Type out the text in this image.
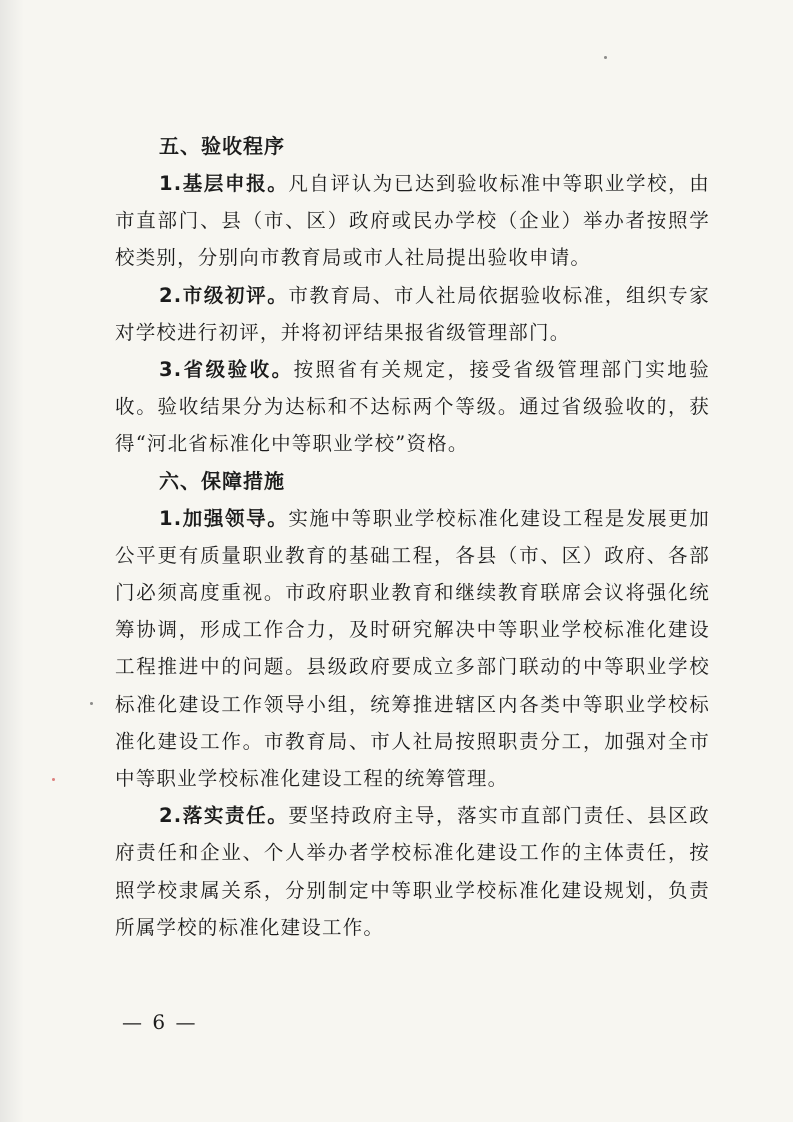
五、验收程序

1.基层申报。凡自评认为已达到验收标准中等职业学校，由市直部门、县（市、区）政府或民办学校（企业）举办者按照学校类别，分别向市教育局或市人社局提出验收申请。

2.市级初评。市教育局、市人社局依据验收标准，组织专家对学校进行初评，并将初评结果报省级管理部门。

3.省级验收。按照省有关规定，接受省级管理部门实地验收。验收结果分为达标和不达标两个等级。通过省级验收的，获得“河北省标准化中等职业学校”资格。

六、保障措施

1.加强领导。实施中等职业学校标准化建设工程是发展更加公平更有质量职业教育的基础工程，各县（市、区）政府、各部门必须高度重视。市政府职业教育和继续教育联席会议将强化统筹协调，形成工作合力，及时研究解决中等职业学校标准化建设工程推进中的问题。县级政府要成立多部门联动的中等职业学校标准化建设工作领导小组，统筹推进辖区内各类中等职业学校标准化建设工作。市教育局、市人社局按照职责分工，加强对全市中等职业学校标准化建设工程的统筹管理。

2.落实责任。要坚持政府主导，落实市直部门责任、县区政府责任和企业、个人举办者学校标准化建设工作的主体责任，按照学校隶属关系，分别制定中等职业学校标准化建设规划，负责所属学校的标准化建设工作。

— 6 —
